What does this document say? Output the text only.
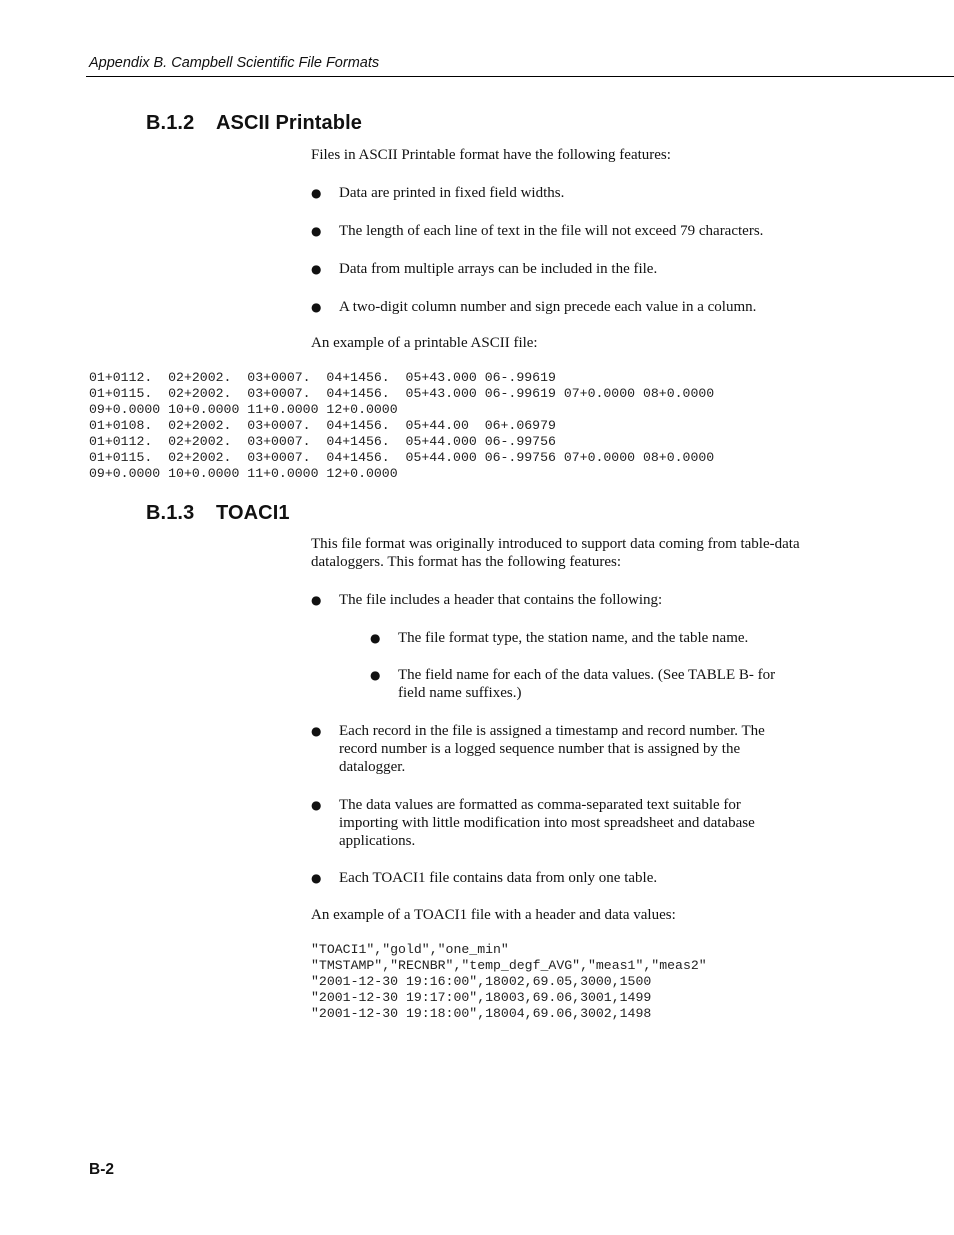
Appendix B. Campbell Scientific File Formats
B.1.2 ASCII Printable

Files in ASCII Printable format have the following features:

● Data are printed in fixed field widths.
● The length of each line of text in the file will not exceed 79 characters.
● Data from multiple arrays can be included in the file.
● A two-digit column number and sign precede each value in a column.

An example of a printable ASCII file:

01+0112.  02+2002.  03+0007.  04+1456.  05+43.000 06-.99619
01+0115.  02+2002.  03+0007.  04+1456.  05+43.000 06-.99619 07+0.0000 08+0.0000
09+0.0000 10+0.0000 11+0.0000 12+0.0000
01+0108.  02+2002.  03+0007.  04+1456.  05+44.00  06+.06979
01+0112.  02+2002.  03+0007.  04+1456.  05+44.000 06-.99756
01+0115.  02+2002.  03+0007.  04+1456.  05+44.000 06-.99756 07+0.0000 08+0.0000
09+0.0000 10+0.0000 11+0.0000 12+0.0000
B.1.3 TOACI1

This file format was originally introduced to support data coming from table-data dataloggers. This format has the following features:

● The file includes a header that contains the following:
● The file format type, the station name, and the table name.
● The field name for each of the data values. (See TABLE B- for field name suffixes.)
● Each record in the file is assigned a timestamp and record number. The record number is a logged sequence number that is assigned by the datalogger.
● The data values are formatted as comma-separated text suitable for importing with little modification into most spreadsheet and database applications.
● Each TOACI1 file contains data from only one table.

An example of a TOACI1 file with a header and data values:

"TOACI1","gold","one_min"
"TMSTAMP","RECNBR","temp_degf_AVG","meas1","meas2"
"2001-12-30 19:16:00",18002,69.05,3000,1500
"2001-12-30 19:17:00",18003,69.06,3001,1499
"2001-12-30 19:18:00",18004,69.06,3002,1498
B-2
